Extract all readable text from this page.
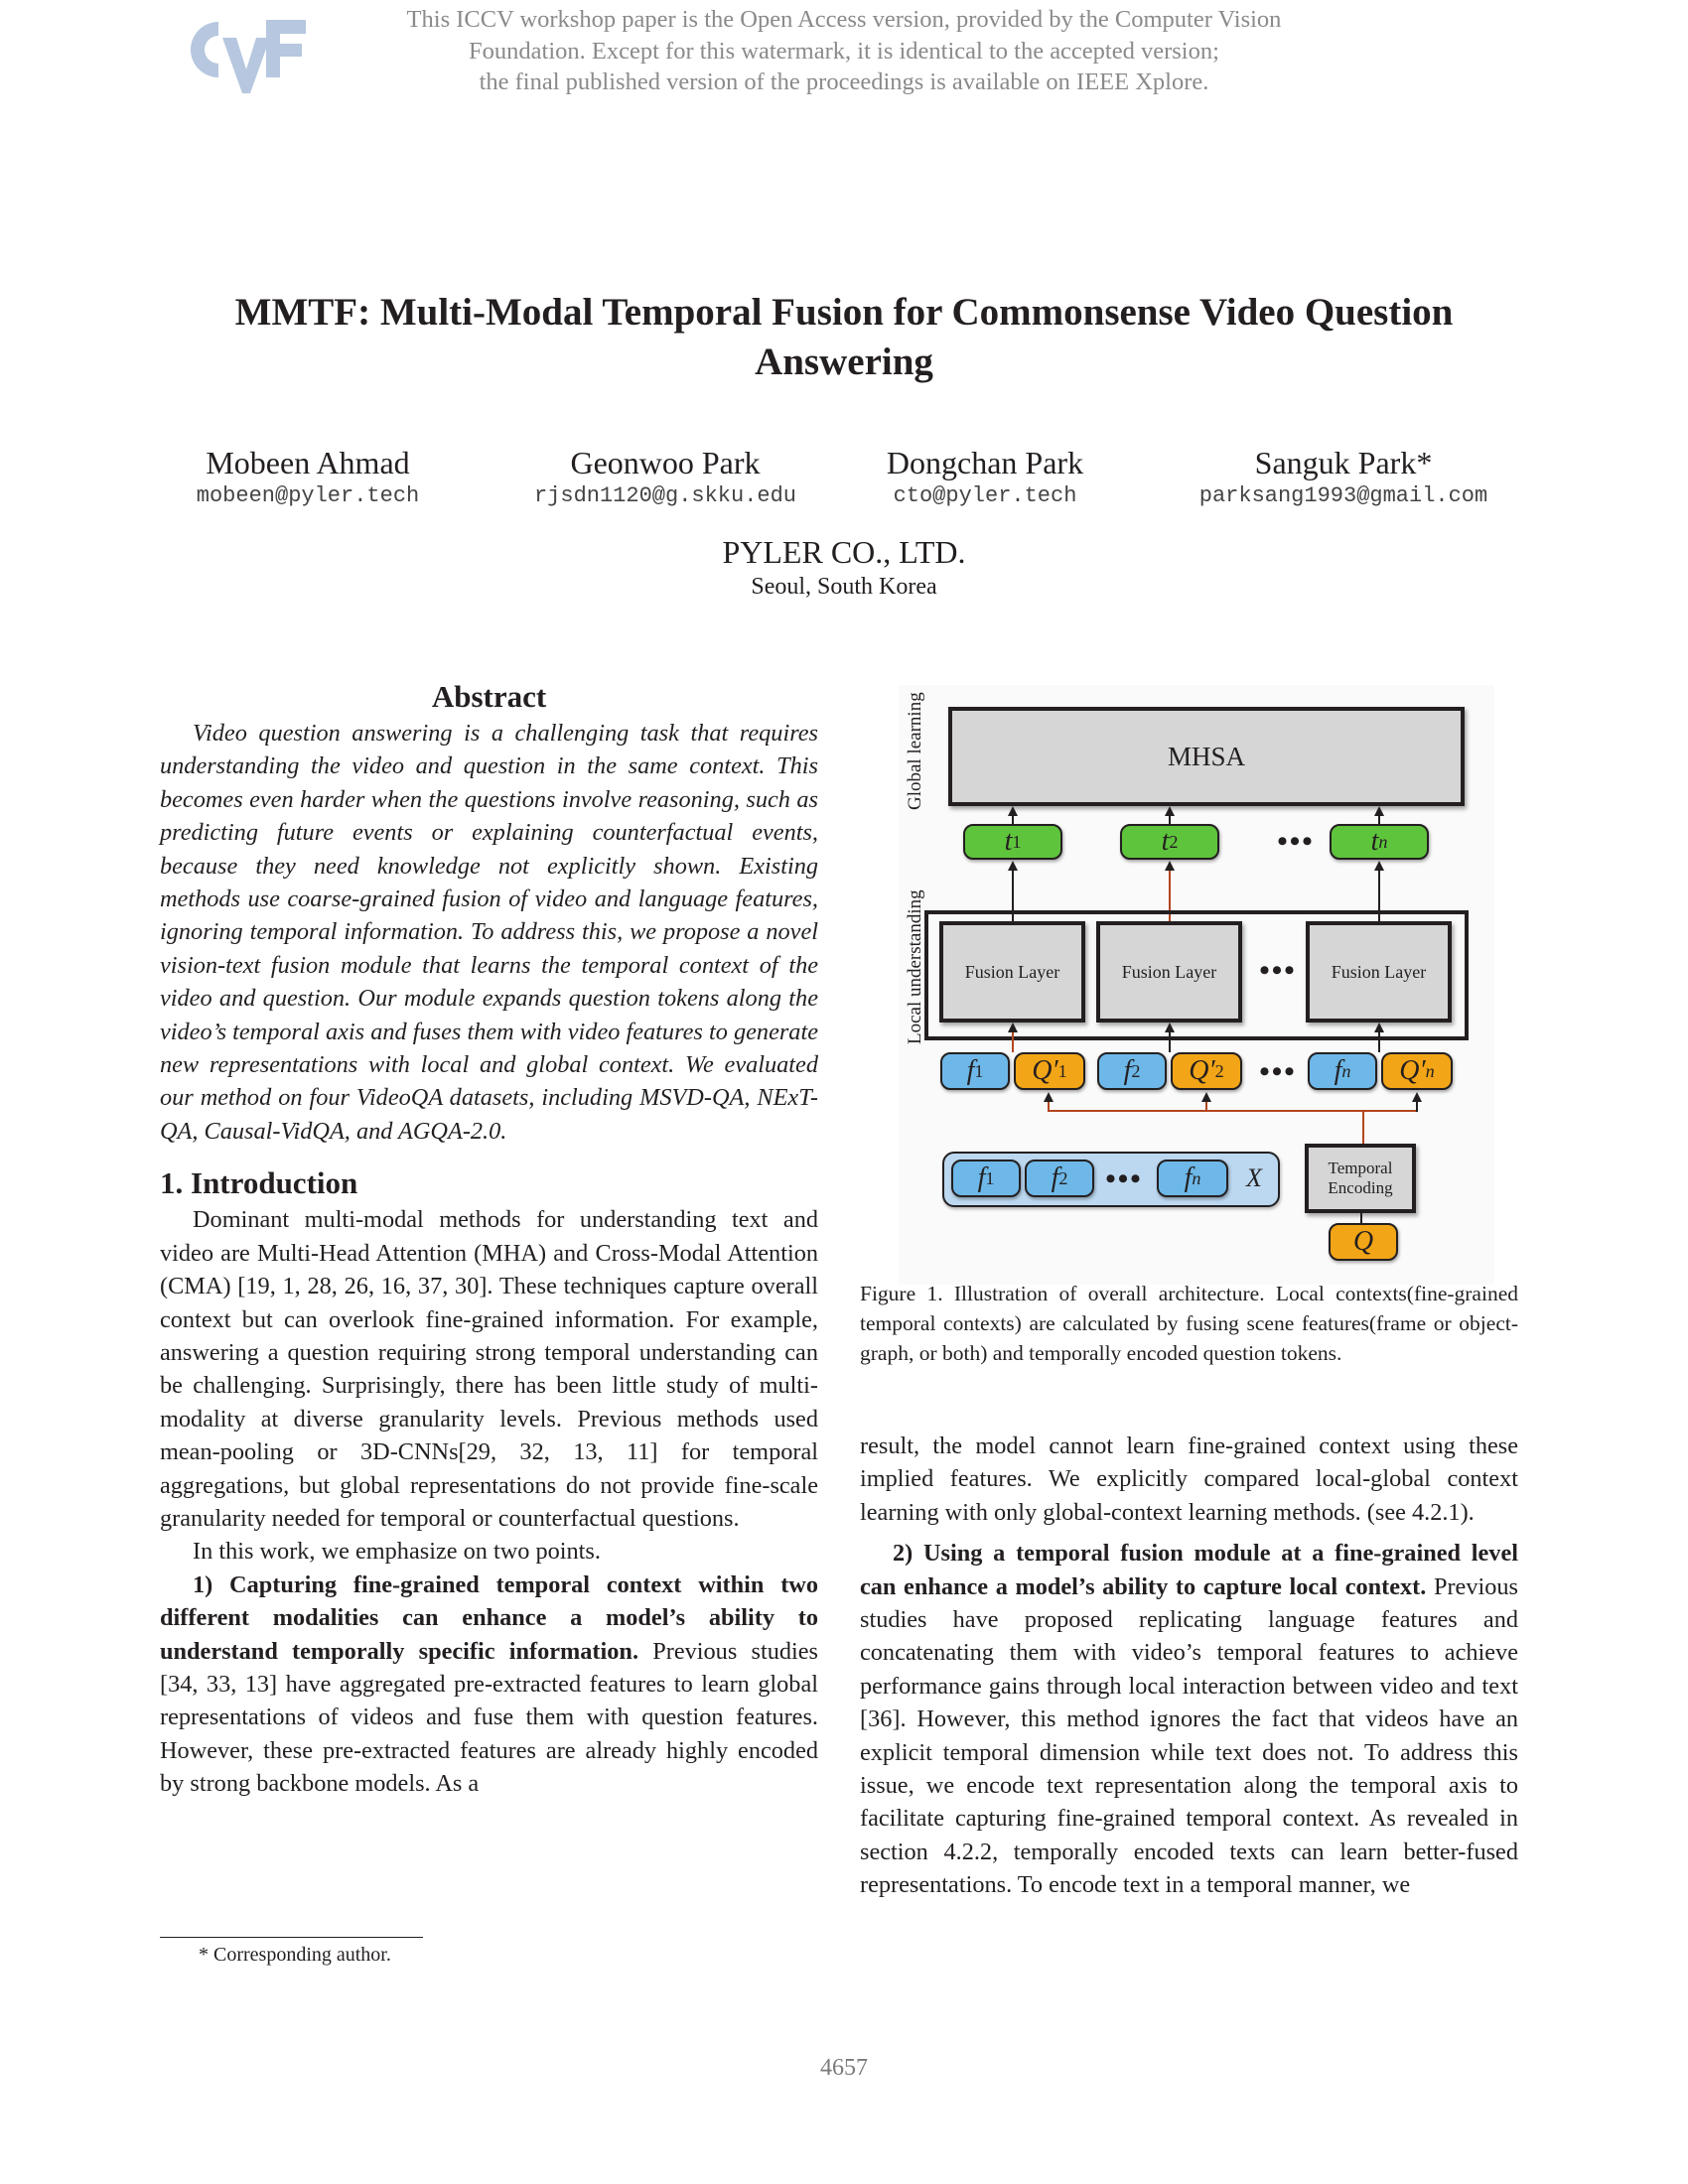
This ICCV workshop paper is the Open Access version, provided by the Computer Vision
Foundation. Except for this watermark, it is identical to the accepted version;
the final published version of the proceedings is available on IEEE Xplore.
MMTF: Multi-Modal Temporal Fusion for Commonsense Video Question
Answering
Mobeen Ahmad
mobeen@pyler.tech
Geonwoo Park
rjsdn1120@g.skku.edu
Dongchan Park
cto@pyler.tech
Sanguk Park*
parksang1993@gmail.com
PYLER CO., LTD.
Seoul, South Korea
Abstract

Video question answering is a challenging task that requires understanding the video and question in the same context. This becomes even harder when the questions involve reasoning, such as predicting future events or explaining counterfactual events, because they need knowledge not explicitly shown. Existing methods use coarse-grained fusion of video and language features, ignoring temporal information. To address this, we propose a novel vision-text fusion module that learns the temporal context of the video and question. Our module expands question tokens along the video’s temporal axis and fuses them with video features to generate new representations with local and global context. We evaluated our method on four VideoQA datasets, including MSVD-QA, NExT-QA, Causal-VidQA, and AGQA-2.0.

1. Introduction

Dominant multi-modal methods for understanding text and video are Multi-Head Attention (MHA) and Cross-Modal Attention (CMA) [19, 1, 28, 26, 16, 37, 30]. These techniques capture overall context but can overlook fine-grained information. For example, answering a question requiring strong temporal understanding can be challenging. Surprisingly, there has been little study of multi-modality at diverse granularity levels. Previous methods used mean-pooling or 3D-CNNs[29, 32, 13, 11] for temporal aggregations, but global representations do not provide fine-scale granularity needed for temporal or counterfactual questions.

In this work, we emphasize on two points.

1) Capturing fine-grained temporal context within two different modalities can enhance a model’s ability to understand temporally specific information. Previous studies [34, 33, 13] have aggregated pre-extracted features to learn global representations of videos and fuse them with question features. However, these pre-extracted features are already highly encoded by strong backbone models. As a

* Corresponding author.
Global learning
Local understanding
MHSA
t 1	t 2	•••	t n
Fusion Layer	Fusion Layer	•••	Fusion Layer
f 1 Q′ 1 f 2 Q′ 2	•••	f n Q′ n
f 1 f 2	•••	f n	X	Temporal
Encoding
Q
Figure 1. Illustration of overall architecture. Local contexts(fine-grained temporal contexts) are calculated by fusing scene features(frame or object-graph, or both) and temporally encoded question tokens.

result, the model cannot learn fine-grained context using these implied features. We explicitly compared local-global context learning with only global-context learning methods. (see 4.2.1).

2) Using a temporal fusion module at a fine-grained level can enhance a model’s ability to capture local context. Previous studies have proposed replicating language features and concatenating them with video’s temporal features to achieve performance gains through local interaction between video and text [36]. However, this method ignores the fact that videos have an explicit temporal dimension while text does not. To address this issue, we encode text representation along the temporal axis to facilitate capturing fine-grained temporal context. As revealed in section 4.2.2, temporally encoded texts can learn better-fused representations. To encode text in a temporal manner, we

4657
